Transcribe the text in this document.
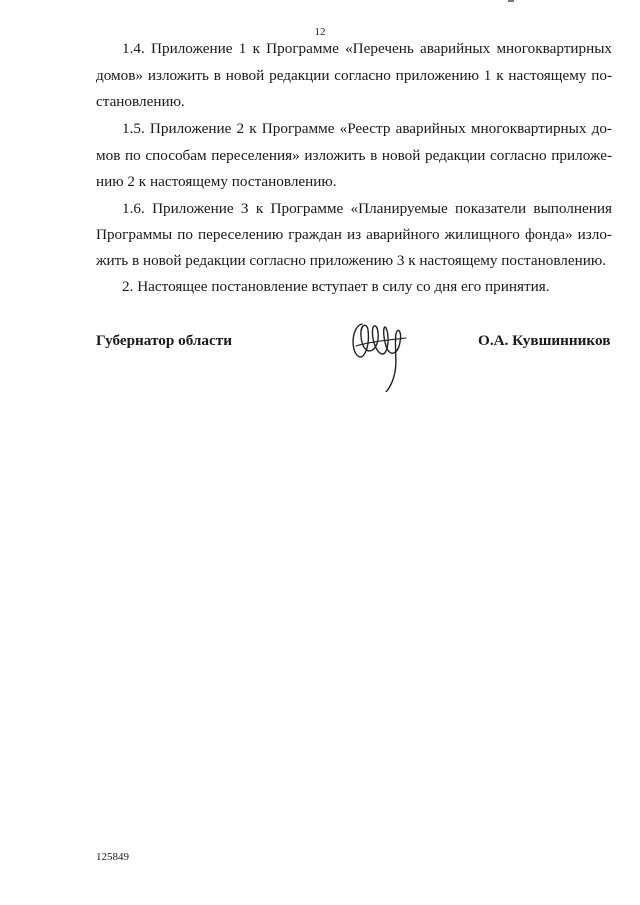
12
1.4. Приложение 1 к Программе «Перечень аварийных многоквартирных
домов» изложить в новой редакции согласно приложению 1 к настоящему по-
становлению.
1.5. Приложение 2 к Программе «Реестр аварийных многоквартирных до-
мов по способам переселения» изложить в новой редакции согласно приложе-
нию 2 к настоящему постановлению.
1.6. Приложение 3 к Программе «Планируемые показатели выполнения
Программы по переселению граждан из аварийного жилищного фонда» изло-
жить в новой редакции согласно приложению 3 к настоящему постановлению.
2. Настоящее постановление вступает в силу со дня его принятия.
Губернатор области	О.А. Кувшинников
125849
